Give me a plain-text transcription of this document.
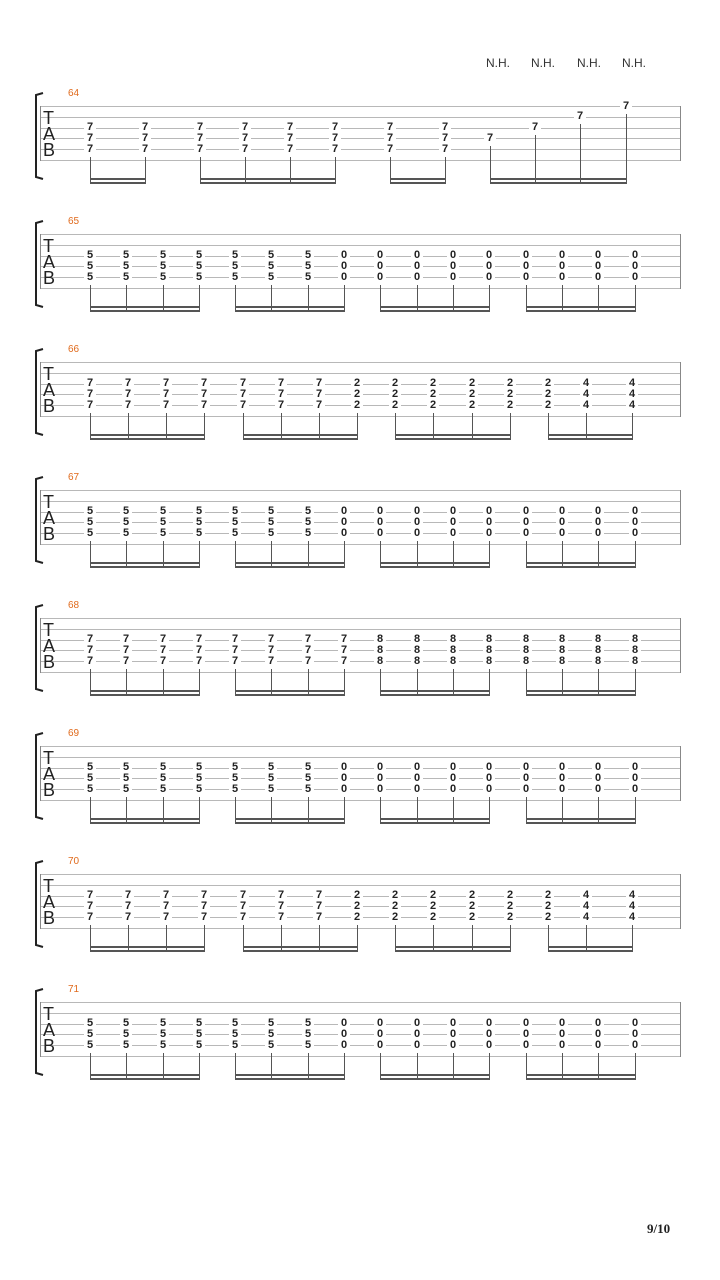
N.H. N.H. N.H. N.H.
64
T
A
B
7
7
7
7
7
7
7
7
7
7
7
7
7
7
7
7
7
7
7
7
7
7
7
7
7
7
7
7
65
T
A
B
5
5
5
5
5
5
5
5
5
5
5
5
5
5
5
5
5
5
5
5
5
0
0
0
0
0
0
0
0
0
0
0
0
0
0
0
0
0
0
0
0
0
0
0
0
0
0
0
66
T
A
B
7
7
7
7
7
7
7
7
7
7
7
7
7
7
7
7
7
7
7
7
7
2
2
2
2
2
2
2
2
2
2
2
2
2
2
2
2
2
2
4
4
4
4
4
4
67
T
A
B
5
5
5
5
5
5
5
5
5
5
5
5
5
5
5
5
5
5
5
5
5
0
0
0
0
0
0
0
0
0
0
0
0
0
0
0
0
0
0
0
0
0
0
0
0
0
0
0
68
T
A
B
7
7
7
7
7
7
7
7
7
7
7
7
7
7
7
7
7
7
7
7
7
7
7
7
8
8
8
8
8
8
8
8
8
8
8
8
8
8
8
8
8
8
8
8
8
8
8
8
69
T
A
B
5
5
5
5
5
5
5
5
5
5
5
5
5
5
5
5
5
5
5
5
5
0
0
0
0
0
0
0
0
0
0
0
0
0
0
0
0
0
0
0
0
0
0
0
0
0
0
0
70
T
A
B
7
7
7
7
7
7
7
7
7
7
7
7
7
7
7
7
7
7
7
7
7
2
2
2
2
2
2
2
2
2
2
2
2
2
2
2
2
2
2
4
4
4
4
4
4
71
T
A
B
5
5
5
5
5
5
5
5
5
5
5
5
5
5
5
5
5
5
5
5
5
0
0
0
0
0
0
0
0
0
0
0
0
0
0
0
0
0
0
0
0
0
0
0
0
0
0
0
9/10
